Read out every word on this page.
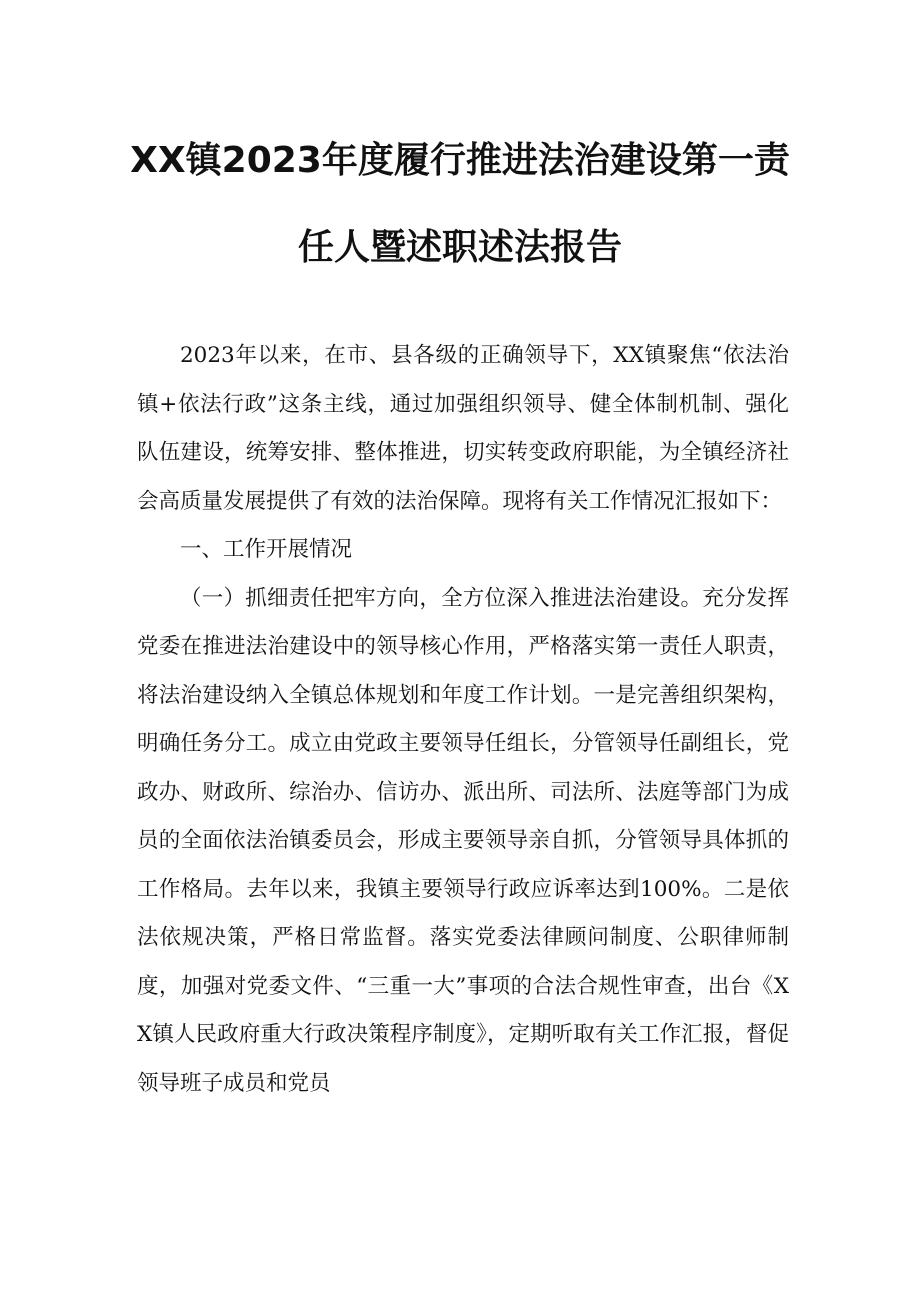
XX镇2023年度履行推进法治建设第一责
任人暨述职述法报告

2023年以来，在市、县各级的正确领导下，XX镇聚焦“依法治镇+依法行政”这条主线，通过加强组织领导、健全体制机制、强化队伍建设，统筹安排、整体推进，切实转变政府职能，为全镇经济社会高质量发展提供了有效的法治保障。现将有关工作情况汇报如下：

一、工作开展情况

（一）抓细责任把牢方向，全方位深入推进法治建设。充分发挥党委在推进法治建设中的领导核心作用，严格落实第一责任人职责，将法治建设纳入全镇总体规划和年度工作计划。一是完善组织架构，明确任务分工。成立由党政主要领导任组长，分管领导任副组长，党政办、财政所、综治办、信访办、派出所、司法所、法庭等部门为成员的全面依法治镇委员会，形成主要领导亲自抓，分管领导具体抓的工作格局。去年以来，我镇主要领导行政应诉率达到100%。二是依法依规决策，严格日常监督。落实党委法律顾问制度、公职律师制度，加强对党委文件、“三重一大”事项的合法合规性审查，出台《XX镇人民政府重大行政决策程序制度》，定期听取有关工作汇报，督促领导班子成员和党员
